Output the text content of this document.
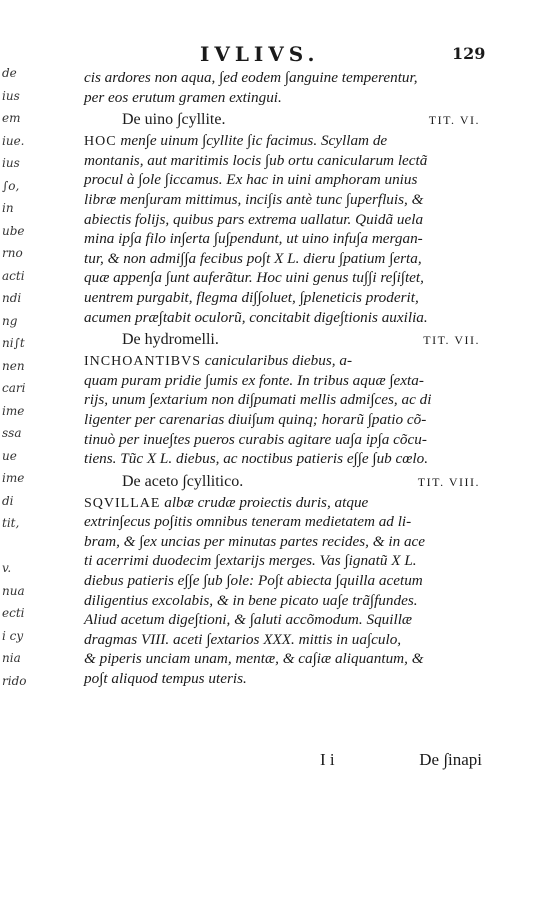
IVLIVS.	129
de
ius
em
iue.
ius
∫o,
in
ube
rno
acti
ndi
ng
ni∫t
nen
cari
ime
ssa
ue
ime
di
tit,
v.
nua
ecti
i cy
nia
rido
cis ardores non aqua, ∫ed eodem ∫anguine temperentur,
per eos erutum gramen extingui.
De uino ∫cyllite.	TIT. VI.
HOC men∫e uinum ∫cyllite ∫ic facimus. Scyllam de
montanis, aut maritimis locis ∫ub ortu canicularum lectã
procul à ∫ole ∫iccamus. Ex hac in uini amphoram unius
libræ men∫uram mittimus, inci∫is antè tunc ∫uperfluis, &
abiectis folijs, quibus pars extrema uallatur. Quidã uela
mina ip∫a filo in∫erta ∫u∫pendunt, ut uino infu∫a mergan-
tur, & non admi∫∫a fecibus po∫t X L. dieru ∫patium ∫erta,
quæ appen∫a ∫unt auferãtur. Hoc uini genus tu∫∫i re∫i∫tet,
uentrem purgabit, flegma di∫∫oluet, ∫pleneticis proderit,
acumen præ∫tabit oculorũ, concitabit dige∫tionis auxilia.
De hydromelli.	TIT. VII.
INCHOANTIBVS canicularibus diebus, a-
quam puram pridie ∫umis ex fonte. In tribus aquæ ∫exta-
rijs, unum ∫extarium non di∫pumati mellis admi∫ces, ac di
ligenter per carenarias diui∫um quinq; horarũ ∫patio cõ-
tinuò per inue∫tes pueros curabis agitare ua∫a ip∫a cõcu-
tiens. Tũc X L. diebus, ac noctibus patieris e∫∫e ∫ub cœlo.
De aceto ∫cyllitico.	TIT. VIII.
SQVILLAE albæ crudæ proiectis duris, atque
extrin∫ecus po∫itis omnibus teneram medietatem ad li-
bram, & ∫ex uncias per minutas partes recides, & in ace
ti acerrimi duodecim ∫extarijs merges. Vas ∫ignatũ X L.
diebus patieris e∫∫e ∫ub ∫ole: Po∫t abiecta ∫quilla acetum
diligentius excolabis, & in bene picato ua∫e trã∫fundes.
Aliud acetum dige∫tioni, & ∫aluti accõmodum. Squillæ
dragmas VIII. aceti ∫extarios XXX. mittis in ua∫culo,
& piperis unciam unam, mentæ, & ca∫iæ aliquantum, &
po∫t aliquod tempus uteris.
I i	De ∫inapi
